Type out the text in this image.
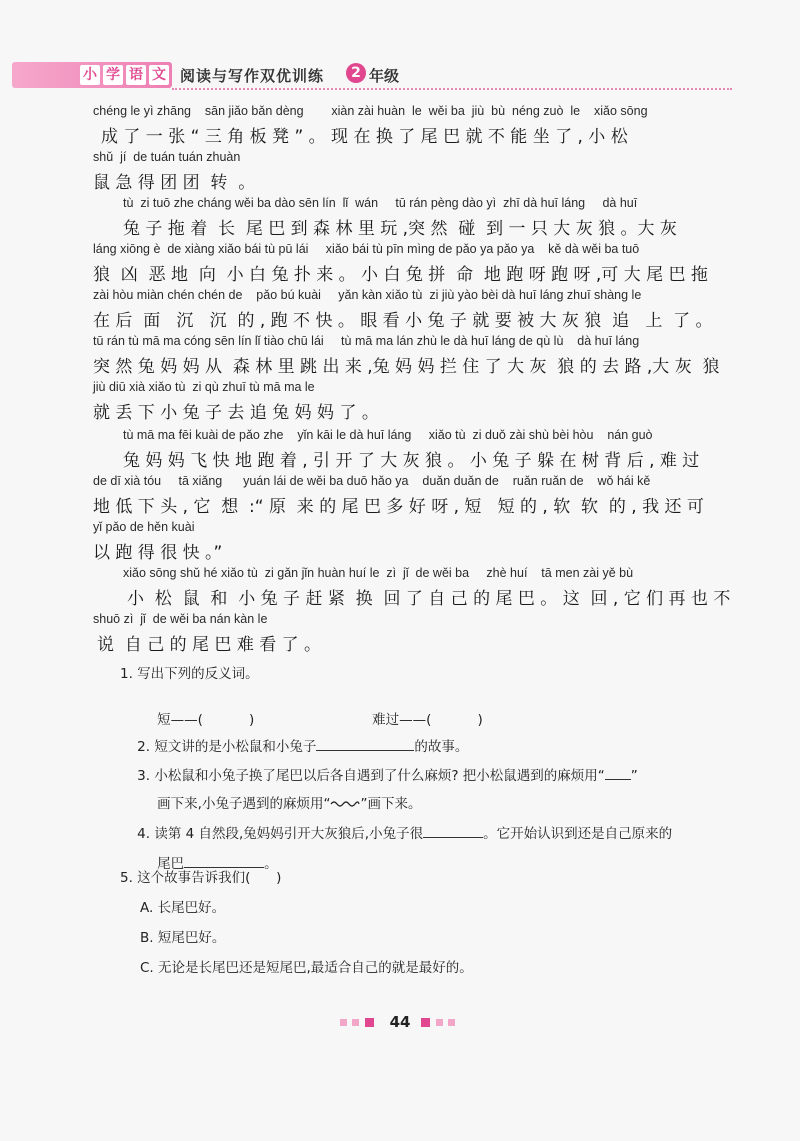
小 学 语 文 阅读与写作双优训练	2 年级
chéng le yì zhāng    sān jiǎo bǎn dèng        xiàn zài huàn  le  wěi ba  jiù  bù  néng zuò  le    xiǎo sōng
成 了 一 张 “ 三 角 板 凳 ” 。 现 在 换 了 尾 巴 就 不 能 坐 了 , 小 松
shǔ  jí  de tuán tuán zhuàn
鼠 急 得 团 团  转  。
tù  zi tuō zhe cháng wěi ba dào sēn lín  lǐ  wán     tū rán pèng dào yì  zhī dà huī láng     dà huī
兔 子 拖 着  长  尾 巴 到 森 林 里 玩 ,突 然  碰  到 一 只 大 灰 狼 。大 灰
láng xiōng è  de xiàng xiǎo bái tù pū lái     xiǎo bái tù pīn mìng de pǎo ya pǎo ya    kě dà wěi ba tuō
狼  凶  恶 地  向  小 白 兔 扑 来 。 小 白 兔 拼  命  地 跑 呀 跑 呀 ,可 大 尾 巴 拖
zài hòu miàn chén chén de    pǎo bú kuài     yǎn kàn xiǎo tù  zi jiù yào bèi dà huī láng zhuī shàng le
在 后  面   沉   沉  的 , 跑 不 快 。 眼 看 小 兔 子 就 要 被 大 灰 狼  追   上  了 。
tū rán tù mā ma cóng sēn lín lǐ tiào chū lái     tù mā ma lán zhù le dà huī láng de qù lù    dà huī láng
突 然 兔 妈 妈 从  森 林 里 跳 出 来 ,兔 妈 妈 拦 住 了 大 灰  狼 的 去 路 ,大 灰  狼
jiù diū xià xiǎo tù  zi qù zhuī tù mā ma le
就 丢 下 小 兔 子 去 追 兔 妈 妈 了 。
tù mā ma fēi kuài de pǎo zhe    yǐn kāi le dà huī láng     xiǎo tù  zi duǒ zài shù bèi hòu    nán guò
兔 妈 妈 飞 快 地 跑 着 , 引 开 了 大 灰 狼 。 小 兔 子 躲 在 树 背 后 , 难 过
de dī xià tóu     tā xiǎng      yuán lái de wěi ba duō hǎo ya    duǎn duǎn de    ruǎn ruǎn de    wǒ hái kě
地 低 下 头 , 它  想  :“ 原  来 的 尾 巴 多 好 呀 , 短   短 的 , 软  软  的 , 我 还 可
yǐ pǎo de hěn kuài
以 跑 得 很 快 。”
xiǎo sōng shǔ hé xiǎo tù  zi gǎn jǐn huàn huí le  zì  jǐ  de wěi ba     zhè huí    tā men zài yě bù
小  松  鼠  和  小 兔 子 赶 紧  换  回 了 自 己 的 尾 巴 。 这  回 , 它 们 再 也 不
shuō zì  jǐ  de wěi ba nán kàn le
说  自 己 的 尾 巴 难 看 了 。
1. 写出下列的反义词。

短——(	)
	难过——(	)

2. 短文讲的是小松鼠和小兔子	的故事。

3. 小松鼠和小兔子换了尾巴以后各自遇到了什么麻烦? 把小松鼠遇到的麻烦用“ ”

画下来,小兔子遇到的麻烦用“ ”画下来。

4. 读第 4 自然段,兔妈妈引开大灰狼后,小兔子很	。它开始认识到还是自己原来的

尾巴	。

5. 这个故事告诉我们(      )
A. 长尾巴好。
B. 短尾巴好。
C. 无论是长尾巴还是短尾巴,最适合自己的就是最好的。
44
